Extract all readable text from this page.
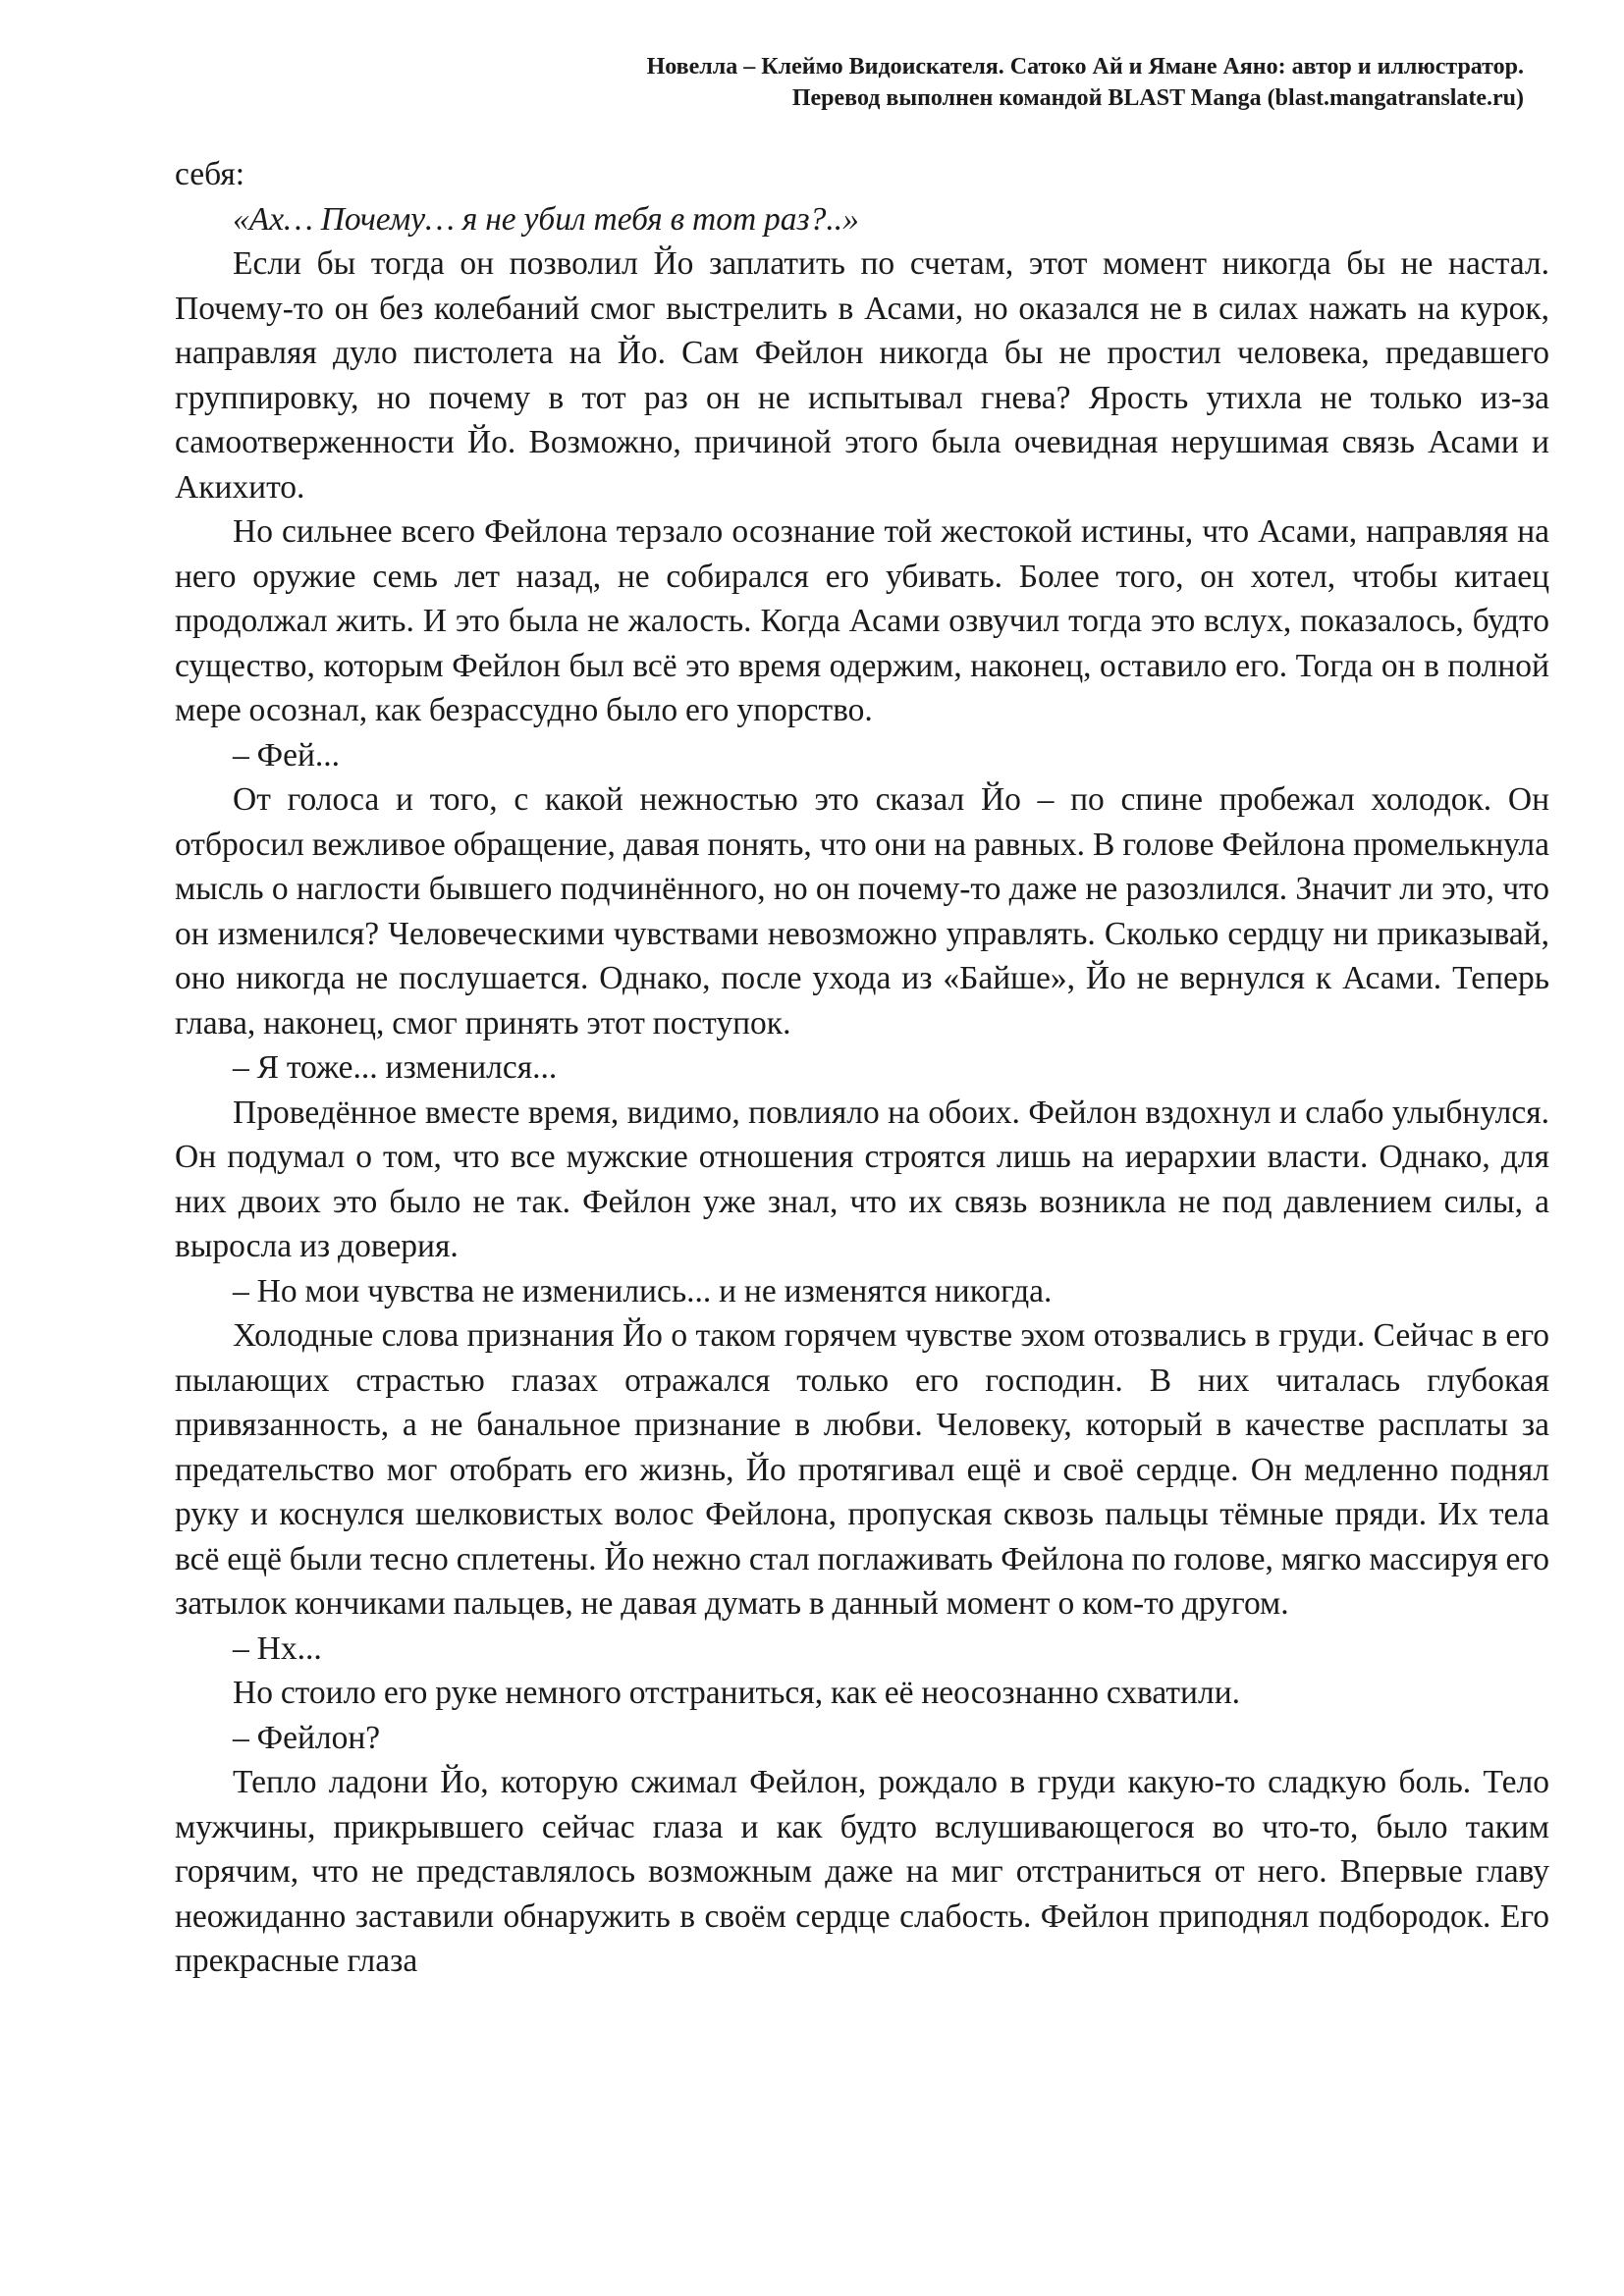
Новелла – Клеймо Видоискателя. Сатоко Ай и Ямане Аяно: автор и иллюстратор.
Перевод выполнен командой BLAST Manga (blast.mangatranslate.ru)

себя:

«Ах… Почему… я не убил тебя в тот раз?..»

Если бы тогда он позволил Йо заплатить по счетам, этот момент никогда бы не настал. Почему-то он без колебаний смог выстрелить в Асами, но оказался не в силах нажать на курок, направляя дуло пистолета на Йо. Сам Фейлон никогда бы не простил человека, предавшего группировку, но почему в тот раз он не испытывал гнева? Ярость утихла не только из-за самоотверженности Йо. Возможно, причиной этого была очевидная нерушимая связь Асами и Акихито.

Но сильнее всего Фейлона терзало осознание той жестокой истины, что Асами, направляя на него оружие семь лет назад, не собирался его убивать. Более того, он хотел, чтобы китаец продолжал жить. И это была не жалость. Когда Асами озвучил тогда это вслух, показалось, будто существо, которым Фейлон был всё это время одержим, наконец, оставило его. Тогда он в полной мере осознал, как безрассудно было его упорство.

– Фей...

От голоса и того, с какой нежностью это сказал Йо – по спине пробежал холодок. Он отбросил вежливое обращение, давая понять, что они на равных. В голове Фейлона промелькнула мысль о наглости бывшего подчинённого, но он почему-то даже не разозлился. Значит ли это, что он изменился? Человеческими чувствами невозможно управлять. Сколько сердцу ни приказывай, оно никогда не послушается. Однако, после ухода из «Байше», Йо не вернулся к Асами. Теперь глава, наконец, смог принять этот поступок.

– Я тоже... изменился...

Проведённое вместе время, видимо, повлияло на обоих. Фейлон вздохнул и слабо улыбнулся. Он подумал о том, что все мужские отношения строятся лишь на иерархии власти. Однако, для них двоих это было не так. Фейлон уже знал, что их связь возникла не под давлением силы, а выросла из доверия.

– Но мои чувства не изменились... и не изменятся никогда.

Холодные слова признания Йо о таком горячем чувстве эхом отозвались в груди. Сейчас в его пылающих страстью глазах отражался только его господин. В них читалась глубокая привязанность, а не банальное признание в любви. Человеку, который в качестве расплаты за предательство мог отобрать его жизнь, Йо протягивал ещё и своё сердце. Он медленно поднял руку и коснулся шелковистых волос Фейлона, пропуская сквозь пальцы тёмные пряди. Их тела всё ещё были тесно сплетены. Йо нежно стал поглаживать Фейлона по голове, мягко массируя его затылок кончиками пальцев, не давая думать в данный момент о ком-то другом.

– Нх...

Но стоило его руке немного отстраниться, как её неосознанно схватили.

– Фейлон?

Тепло ладони Йо, которую сжимал Фейлон, рождало в груди какую-то сладкую боль. Тело мужчины, прикрывшего сейчас глаза и как будто вслушивающегося во что-то, было таким горячим, что не представлялось возможным даже на миг отстраниться от него. Впервые главу неожиданно заставили обнаружить в своём сердце слабость. Фейлон приподнял подбородок. Его прекрасные глаза
